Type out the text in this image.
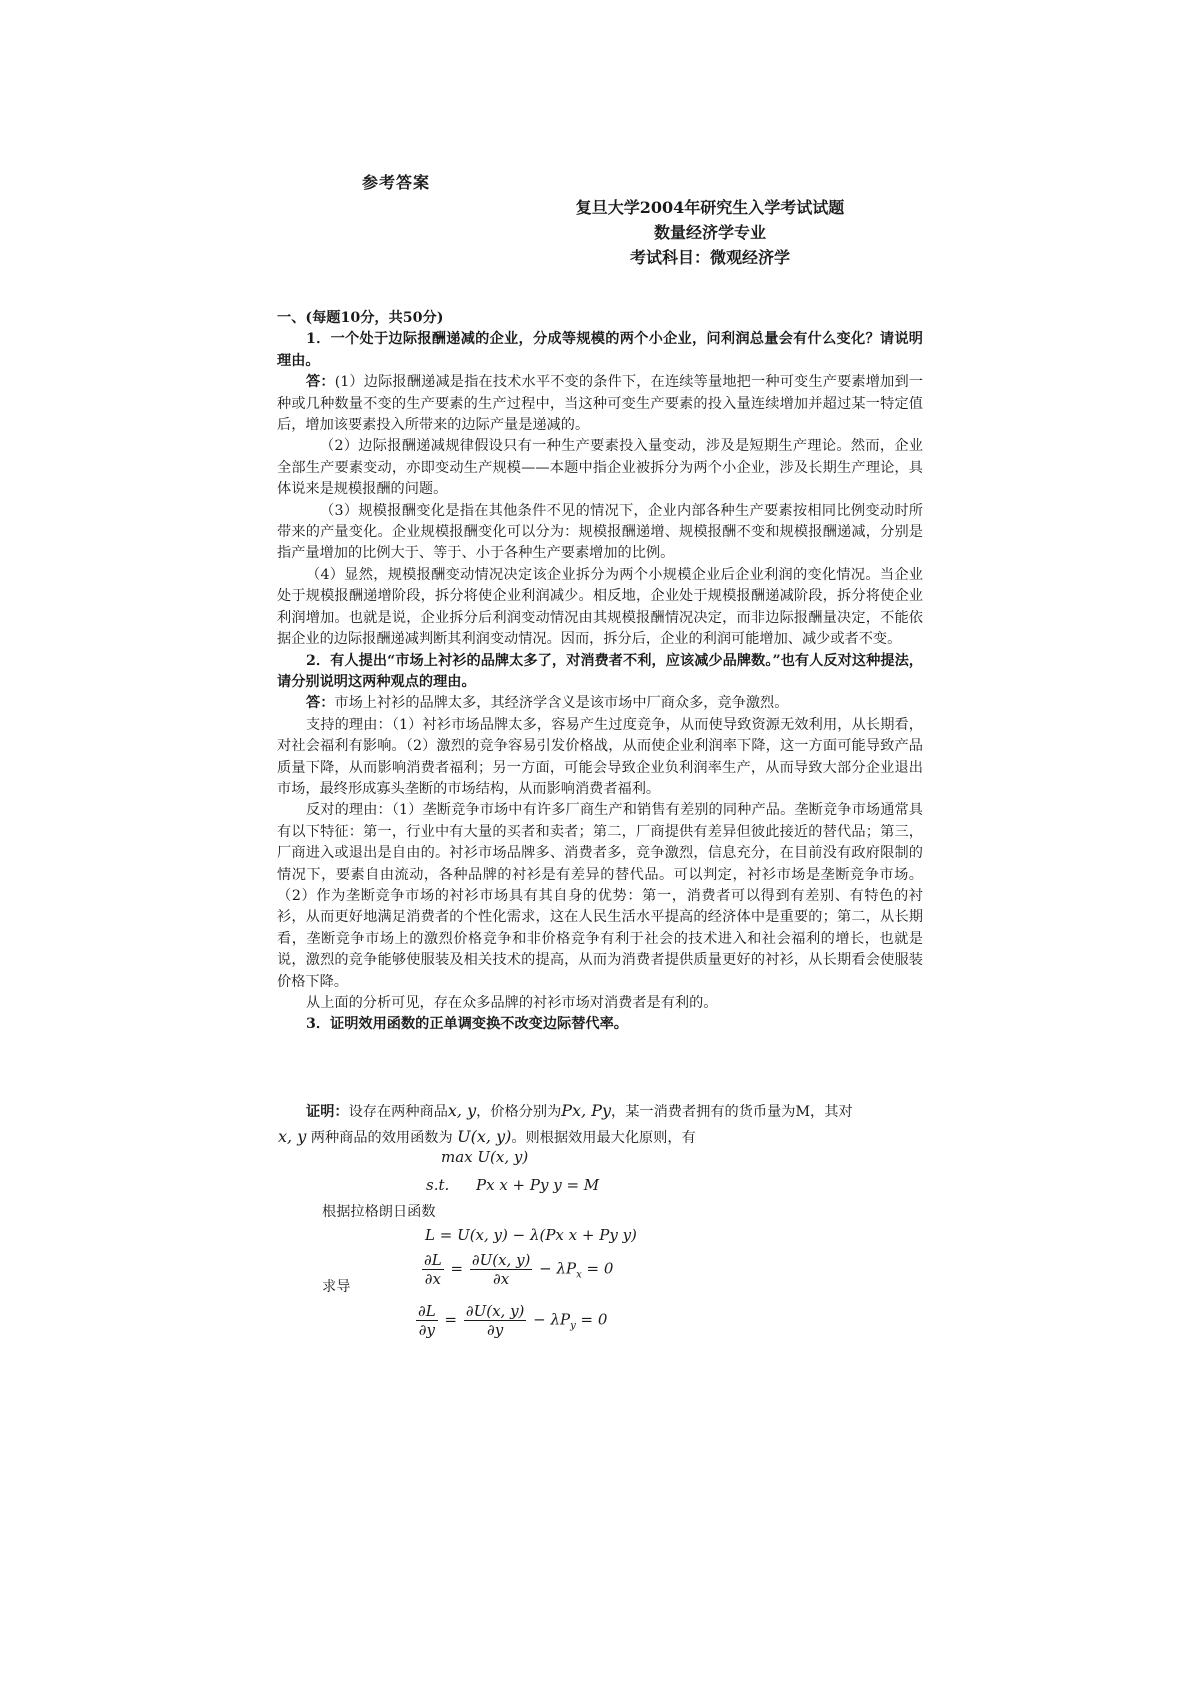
参考答案
复旦大学2004年研究生入学考试试题
数量经济学专业
考试科目：微观经济学

一、(每题10分，共50分)

1．一个处于边际报酬递减的企业，分成等规模的两个小企业，问利润总量会有什么变化？请说明理由。

答：(1）边际报酬递减是指在技术水平不变的条件下，在连续等量地把一种可变生产要素增加到一种或几种数量不变的生产要素的生产过程中，当这种可变生产要素的投入量连续增加并超过某一特定值后，增加该要素投入所带来的边际产量是递减的。

（2）边际报酬递减规律假设只有一种生产要素投入量变动，涉及是短期生产理论。然而，企业全部生产要素变动，亦即变动生产规模——本题中指企业被拆分为两个小企业，涉及长期生产理论，具体说来是规模报酬的问题。

（3）规模报酬变化是指在其他条件不见的情况下，企业内部各种生产要素按相同比例变动时所带来的产量变化。企业规模报酬变化可以分为：规模报酬递增、规模报酬不变和规模报酬递减，分别是指产量增加的比例大于、等于、小于各种生产要素增加的比例。

（4）显然，规模报酬变动情况决定该企业拆分为两个小规模企业后企业利润的变化情况。当企业处于规模报酬递增阶段，拆分将使企业利润减少。相反地，企业处于规模报酬递减阶段，拆分将使企业利润增加。也就是说，企业拆分后利润变动情况由其规模报酬情况决定，而非边际报酬量决定，不能依据企业的边际报酬递减判断其利润变动情况。因而，拆分后，企业的利润可能增加、减少或者不变。

2．有人提出“市场上衬衫的品牌太多了，对消费者不利，应该减少品牌数。”也有人反对这种提法，请分别说明这两种观点的理由。

答：市场上衬衫的品牌太多，其经济学含义是该市场中厂商众多，竞争激烈。

支持的理由：（1）衬衫市场品牌太多，容易产生过度竞争，从而使导致资源无效利用，从长期看，对社会福利有影响。（2）激烈的竞争容易引发价格战，从而使企业利润率下降，这一方面可能导致产品质量下降，从而影响消费者福利；另一方面，可能会导致企业负利润率生产，从而导致大部分企业退出市场，最终形成寡头垄断的市场结构，从而影响消费者福利。

反对的理由：（1）垄断竞争市场中有许多厂商生产和销售有差别的同种产品。垄断竞争市场通常具有以下特征：第一，行业中有大量的买者和卖者；第二，厂商提供有差异但彼此接近的替代品；第三，厂商进入或退出是自由的。衬衫市场品牌多、消费者多，竞争激烈，信息充分，在目前没有政府限制的情况下，要素自由流动，各种品牌的衬衫是有差异的替代品。可以判定，衬衫市场是垄断竞争市场。（2）作为垄断竞争市场的衬衫市场具有其自身的优势：第一，消费者可以得到有差别、有特色的衬衫，从而更好地满足消费者的个性化需求，这在人民生活水平提高的经济体中是重要的；第二，从长期看，垄断竞争市场上的激烈价格竞争和非价格竞争有利于社会的技术进入和社会福利的增长，也就是说，激烈的竞争能够使服装及相关技术的提高，从而为消费者提供质量更好的衬衫，从长期看会使服装价格下降。

从上面的分析可见，存在众多品牌的衬衫市场对消费者是有利的。

3．证明效用函数的正单调变换不改变边际替代率。

证明：设存在两种商品x, y，价格分别为Px, Py，某一消费者拥有的货币量为M，其对
x, y 两种商品的效用函数为 U(x, y)。则根据效用最大化原则，有
max U(x, y)
s.t. Px x + Py y = M
根据拉格朗日函数
L = U(x, y) − λ(Px x + Py y)
$\frac{\partial L}{\partial x} = \frac{\partial U(x, y)}{\partial x} - \lambda P_x = 0$
求导
$\frac{\partial L}{\partial y} = \frac{\partial U(x, y)}{\partial y} - \lambda P_y = 0$
